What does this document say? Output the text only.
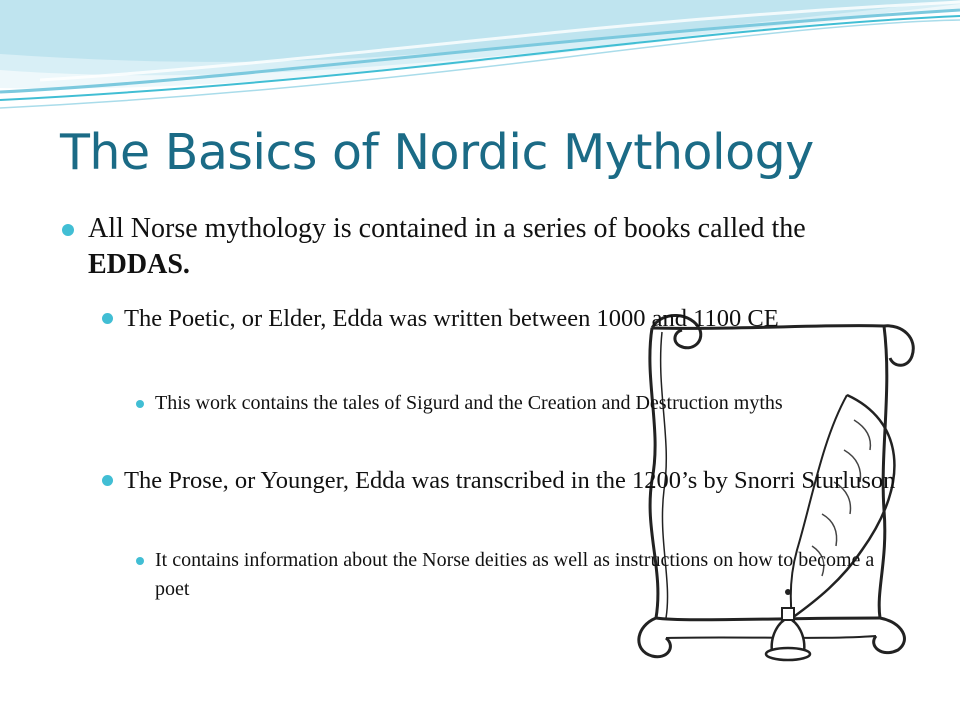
The Basics of Nordic Mythology
All Norse mythology is contained in a series of books called the EDDAS.
The Poetic, or Elder, Edda was written between 1000 and 1100 CE
This work contains the tales of Sigurd and the Creation and Destruction myths
The Prose, or Younger, Edda was transcribed in the 1200’s by Snorri Sturluson
It contains information about the Norse deities as well as instructions on how to become a poet
